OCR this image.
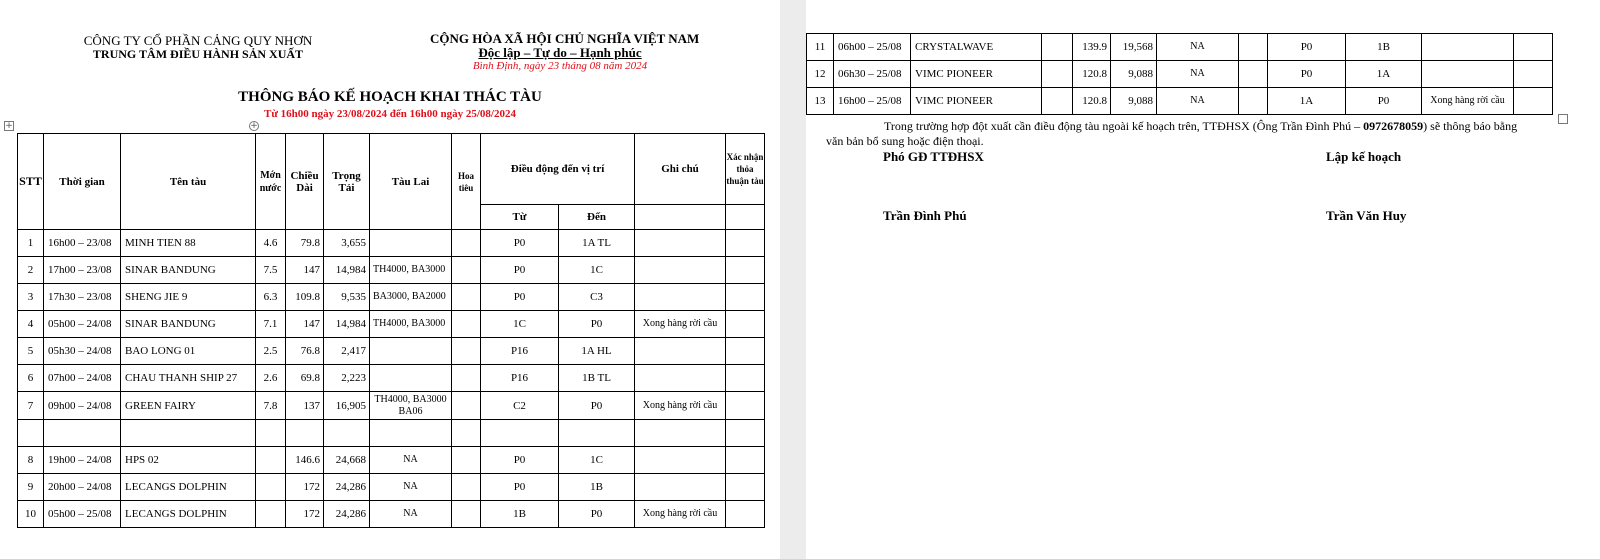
CÔNG TY CỔ PHẦN CẢNG QUY NHƠN
TRUNG TÂM ĐIỀU HÀNH SẢN XUẤT
CỘNG HÒA XÃ HỘI CHỦ NGHĨA VIỆT NAM
Độc lập – Tự do – Hạnh phúc
Bình Định, ngày 23 tháng 08 năm 2024
THÔNG BÁO KẾ HOẠCH KHAI THÁC TÀU
Từ 16h00 ngày 23/08/2024 đến 16h00 ngày 25/08/2024
+	+
STT	Thời gian	Tên tàu	Mớn nước	Chiều Dài	Trọng Tải	Tàu Lai	Hoa tiêu	Điều động đến vị trí		Ghi chú	Xác nhận thỏa thuận tàu
								Từ	Đến		
1	16h00 – 23/08	MINH TIEN 88	4.6	79.8	3,655			P0	1A TL		
2	17h00 – 23/08	SINAR BANDUNG	7.5	147	14,984	TH4000, BA3000		P0	1C		
3	17h30 – 23/08	SHENG JIE 9	6.3	109.8	9,535	BA3000, BA2000		P0	C3		
4	05h00 – 24/08	SINAR BANDUNG	7.1	147	14,984	TH4000, BA3000		1C	P0	Xong hàng rời cầu	
5	05h30 – 24/08	BAO LONG 01	2.5	76.8	2,417			P16	1A HL		
6	07h00 – 24/08	CHAU THANH SHIP 27	2.6	69.8	2,223			P16	1B TL		
7	09h00 – 24/08	GREEN FAIRY	7.8	137	16,905	TH4000, BA3000
BA06		C2	P0	Xong hàng rời cầu	

8	19h00 – 24/08	HPS 02		146.6	24,668	NA		P0	1C		
9	20h00 – 24/08	LECANGS DOLPHIN		172	24,286	NA		P0	1B		
10	05h00 – 25/08	LECANGS DOLPHIN		172	24,286	NA		1B	P0	Xong hàng rời cầu	
11	06h00 – 25/08	CRYSTALWAVE		139.9	19,568	NA		P0	1B		
12	06h30 – 25/08	VIMC PIONEER		120.8	9,088	NA		P0	1A		
13	16h00 – 25/08	VIMC PIONEER		120.8	9,088	NA		1A	P0	Xong hàng rời cầu	
Trong trường hợp đột xuất cần điều động tàu ngoài kế hoạch trên, TTĐHSX (Ông Trần Đình Phú – 0972678059) sẽ thông báo bằng văn bản bổ sung hoặc điện thoại.
Phó GĐ TTĐHSX	Lập kế hoạch
Trần Đình Phú	Trần Văn Huy
